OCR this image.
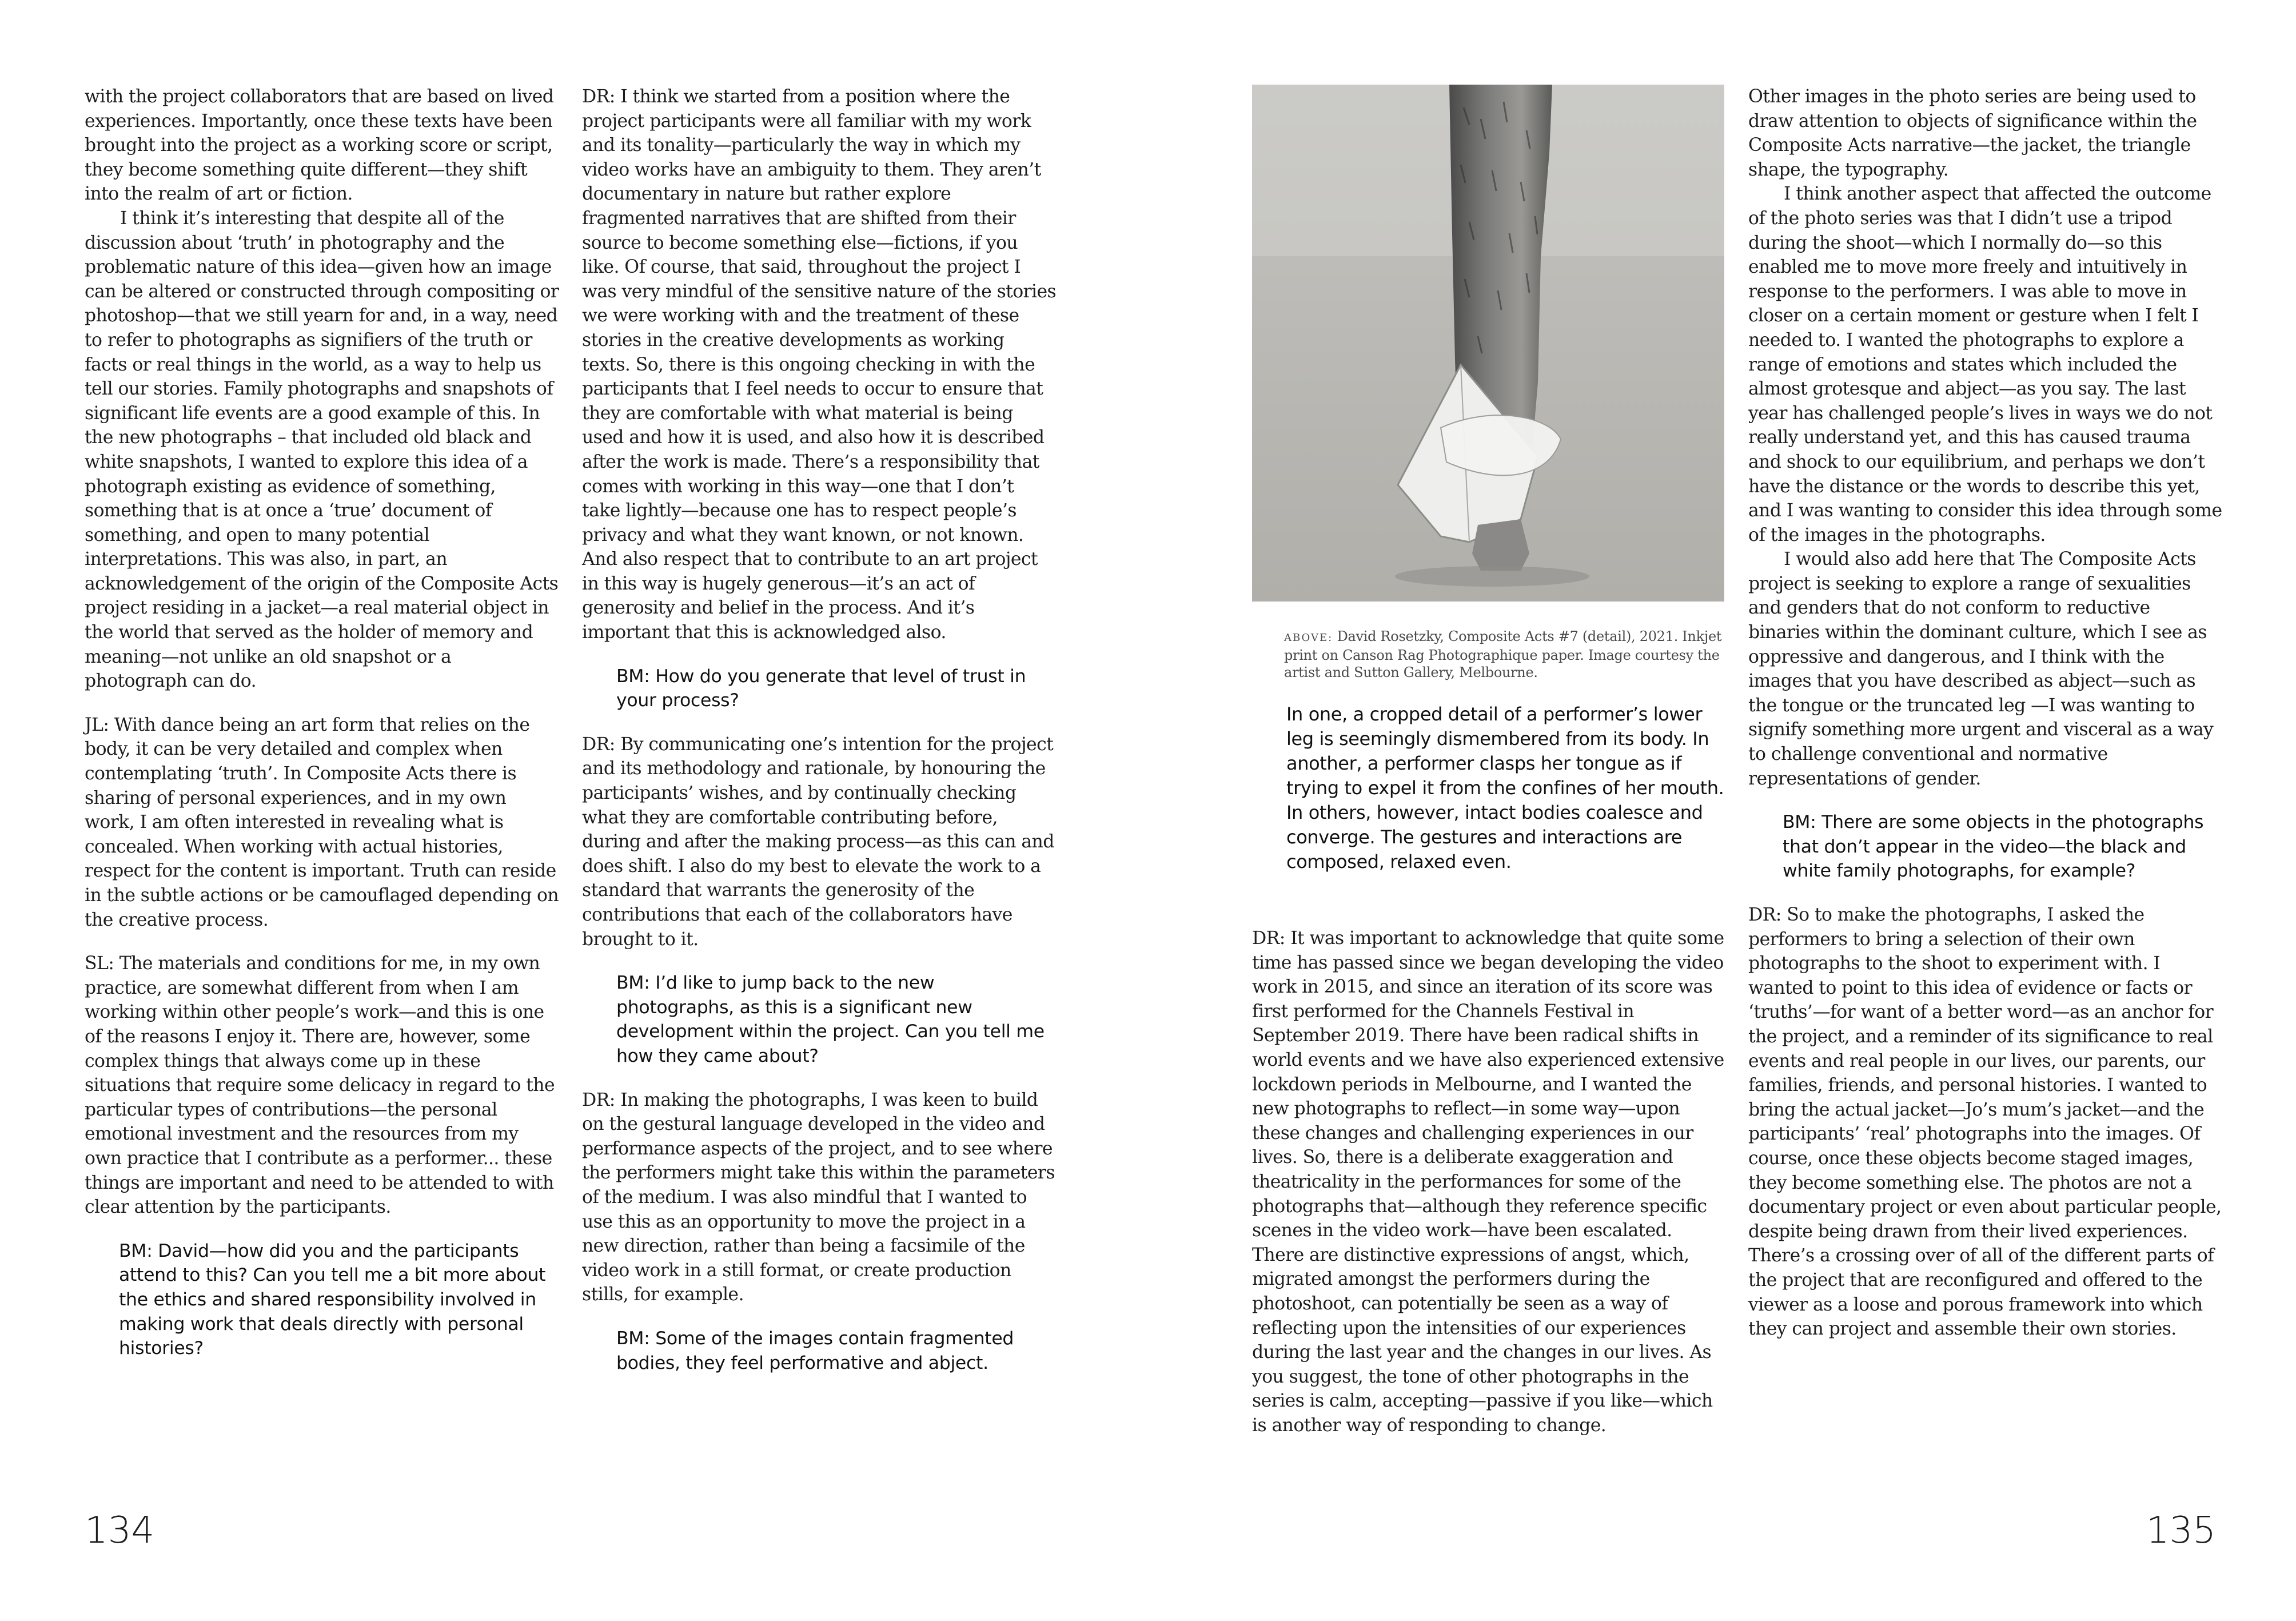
with the project collaborators that are based on lived experiences. Importantly, once these texts have been brought into the project as a working score or script, they become something quite different—they shift into the realm of art or fiction.

I think it’s interesting that despite all of the discussion about ‘truth’ in photography and the problematic nature of this idea—given how an image can be altered or constructed through compositing or photoshop—that we still yearn for and, in a way, need to refer to photographs as signifiers of the truth or facts or real things in the world, as a way to help us tell our stories. Family photographs and snapshots of significant life events are a good example of this. In the new photographs – that included old black and white snapshots, I wanted to explore this idea of a photograph existing as evidence of something, something that is at once a ‘true’ document of something, and open to many potential interpretations. This was also, in part, an acknowledgement of the origin of the Composite Acts project residing in a jacket—a real material object in the world that served as the holder of memory and meaning—not unlike an old snapshot or a photograph can do.

JL: With dance being an art form that relies on the body, it can be very detailed and complex when contemplating ‘truth’. In Composite Acts there is sharing of personal experiences, and in my own work, I am often interested in revealing what is concealed. When working with actual histories, respect for the content is important. Truth can reside in the subtle actions or be camouflaged depending on the creative process.

SL: The materials and conditions for me, in my own practice, are somewhat different from when I am working within other people’s work—and this is one of the reasons I enjoy it. There are, however, some complex things that always come up in these situations that require some delicacy in regard to the particular types of contributions—the personal emotional investment and the resources from my own practice that I contribute as a performer... these things are important and need to be attended to with clear attention by the participants.

BM: David—how did you and the participants attend to this? Can you tell me a bit more about the ethics and shared responsibility involved in making work that deals directly with personal histories?

DR: I think we started from a position where the project participants were all familiar with my work and its tonality—particularly the way in which my video works have an ambiguity to them. They aren’t documentary in nature but rather explore fragmented narratives that are shifted from their source to become something else—fictions, if you like. Of course, that said, throughout the project I was very mindful of the sensitive nature of the stories we were working with and the treatment of these stories in the creative developments as working texts. So, there is this ongoing checking in with the participants that I feel needs to occur to ensure that they are comfortable with what material is being used and how it is used, and also how it is described after the work is made. There’s a responsibility that comes with working in this way—one that I don’t take lightly—because one has to respect people’s privacy and what they want known, or not known. And also respect that to contribute to an art project in this way is hugely generous—it’s an act of generosity and belief in the process. And it’s important that this is acknowledged also.

BM: How do you generate that level of trust in your process?

DR: By communicating one’s intention for the project and its methodology and rationale, by honouring the participants’ wishes, and by continually checking what they are comfortable contributing before, during and after the making process—as this can and does shift. I also do my best to elevate the work to a standard that warrants the generosity of the contributions that each of the collaborators have brought to it.

BM: I’d like to jump back to the new photographs, as this is a significant new development within the project. Can you tell me how they came about?

DR: In making the photographs, I was keen to build on the gestural language developed in the video and performance aspects of the project, and to see where the performers might take this within the parameters of the medium. I was also mindful that I wanted to use this as an opportunity to move the project in a new direction, rather than being a facsimile of the video work in a still format, or create production stills, for example.

BM: Some of the images contain fragmented bodies, they feel performative and abject.

134
ABOVE: David Rosetzky, Composite Acts #7 (detail), 2021. Inkjet print on Canson Rag Photographique paper. Image courtesy the artist and Sutton Gallery, Melbourne.
In one, a cropped detail of a performer’s lower leg is seemingly dismembered from its body. In another, a performer clasps her tongue as if trying to expel it from the confines of her mouth. In others, however, intact bodies coalesce and converge. The gestures and interactions are composed, relaxed even.

DR: It was important to acknowledge that quite some time has passed since we began developing the video work in 2015, and since an iteration of its score was first performed for the Channels Festival in September 2019. There have been radical shifts in world events and we have also experienced extensive lockdown periods in Melbourne, and I wanted the new photographs to reflect—in some way—upon these changes and challenging experiences in our lives. So, there is a deliberate exaggeration and theatricality in the performances for some of the photographs that—although they reference specific scenes in the video work—have been escalated. There are distinctive expressions of angst, which, migrated amongst the performers during the photoshoot, can potentially be seen as a way of reflecting upon the intensities of our experiences during the last year and the changes in our lives. As you suggest, the tone of other photographs in the series is calm, accepting—passive if you like—which is another way of responding to change.

Other images in the photo series are being used to draw attention to objects of significance within the Composite Acts narrative—the jacket, the triangle shape, the typography.

I think another aspect that affected the outcome of the photo series was that I didn’t use a tripod during the shoot—which I normally do—so this enabled me to move more freely and intuitively in response to the performers. I was able to move in closer on a certain moment or gesture when I felt I needed to. I wanted the photographs to explore a range of emotions and states which included the almost grotesque and abject—as you say. The last year has challenged people’s lives in ways we do not really understand yet, and this has caused trauma and shock to our equilibrium, and perhaps we don’t have the distance or the words to describe this yet, and I was wanting to consider this idea through some of the images in the photographs.

I would also add here that The Composite Acts project is seeking to explore a range of sexualities and genders that do not conform to reductive binaries within the dominant culture, which I see as oppressive and dangerous, and I think with the images that you have described as abject—such as the tongue or the truncated leg —I was wanting to signify something more urgent and visceral as a way to challenge conventional and normative representations of gender.

BM: There are some objects in the photographs that don’t appear in the video—the black and white family photographs, for example?

DR: So to make the photographs, I asked the performers to bring a selection of their own photographs to the shoot to experiment with. I wanted to point to this idea of evidence or facts or ‘truths’—for want of a better word—as an anchor for the project, and a reminder of its significance to real events and real people in our lives, our parents, our families, friends, and personal histories. I wanted to bring the actual jacket—Jo’s mum’s jacket—and the participants’ ‘real’ photographs into the images. Of course, once these objects become staged images, they become something else. The photos are not a documentary project or even about particular people, despite being drawn from their lived experiences. There’s a crossing over of all of the different parts of the project that are reconfigured and offered to the viewer as a loose and porous framework into which they can project and assemble their own stories.

135
